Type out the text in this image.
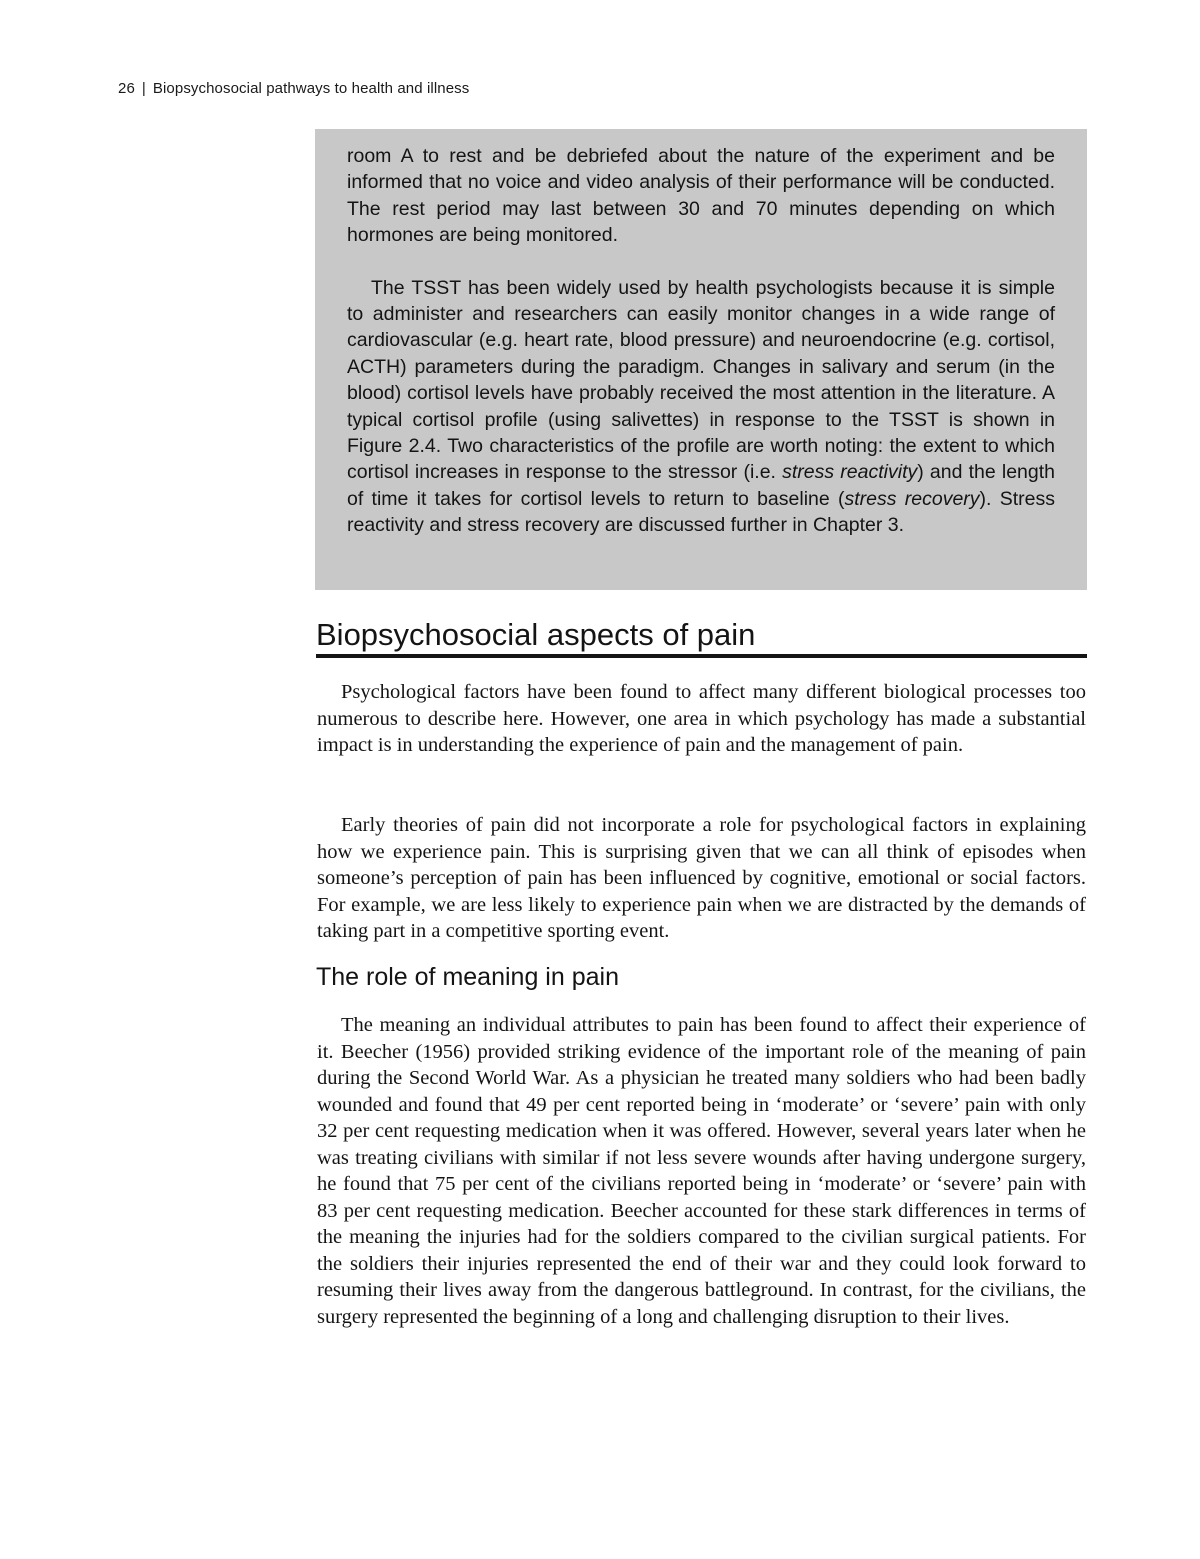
26 | Biopsychosocial pathways to health and illness

room A to rest and be debriefed about the nature of the experiment and be informed that no voice and video analysis of their performance will be conducted. The rest period may last between 30 and 70 minutes depending on which hormones are being monitored.

The TSST has been widely used by health psychologists because it is simple to administer and researchers can easily monitor changes in a wide range of cardiovascular (e.g. heart rate, blood pressure) and neuroendocrine (e.g. cortisol, ACTH) parameters during the paradigm. Changes in salivary and serum (in the blood) cortisol levels have probably received the most attention in the literature. A typical cortisol profile (using salivettes) in response to the TSST is shown in Figure 2.4. Two characteristics of the profile are worth noting: the extent to which cortisol increases in response to the stressor (i.e. stress reactivity) and the length of time it takes for cortisol levels to return to baseline (stress recovery). Stress reactivity and stress recovery are discussed further in Chapter 3.

Biopsychosocial aspects of pain

Psychological factors have been found to affect many different biological processes too numerous to describe here. However, one area in which psychology has made a substantial impact is in understanding the experience of pain and the management of pain.

Early theories of pain did not incorporate a role for psychological factors in explaining how we experience pain. This is surprising given that we can all think of episodes when someone’s perception of pain has been influenced by cognitive, emotional or social factors. For example, we are less likely to experience pain when we are distracted by the demands of taking part in a competitive sporting event.

The role of meaning in pain

The meaning an individual attributes to pain has been found to affect their experience of it. Beecher (1956) provided striking evidence of the important role of the meaning of pain during the Second World War. As a physician he treated many soldiers who had been badly wounded and found that 49 per cent reported being in ‘moderate’ or ‘severe’ pain with only 32 per cent requesting medication when it was offered. However, several years later when he was treating civilians with similar if not less severe wounds after having undergone surgery, he found that 75 per cent of the civilians reported being in ‘moderate’ or ‘severe’ pain with 83 per cent requesting medication. Beecher accounted for these stark differences in terms of the meaning the injuries had for the soldiers compared to the civilian surgical patients. For the soldiers their injuries represented the end of their war and they could look forward to resuming their lives away from the dangerous battleground. In contrast, for the civilians, the surgery represented the beginning of a long and challenging disruption to their lives.
